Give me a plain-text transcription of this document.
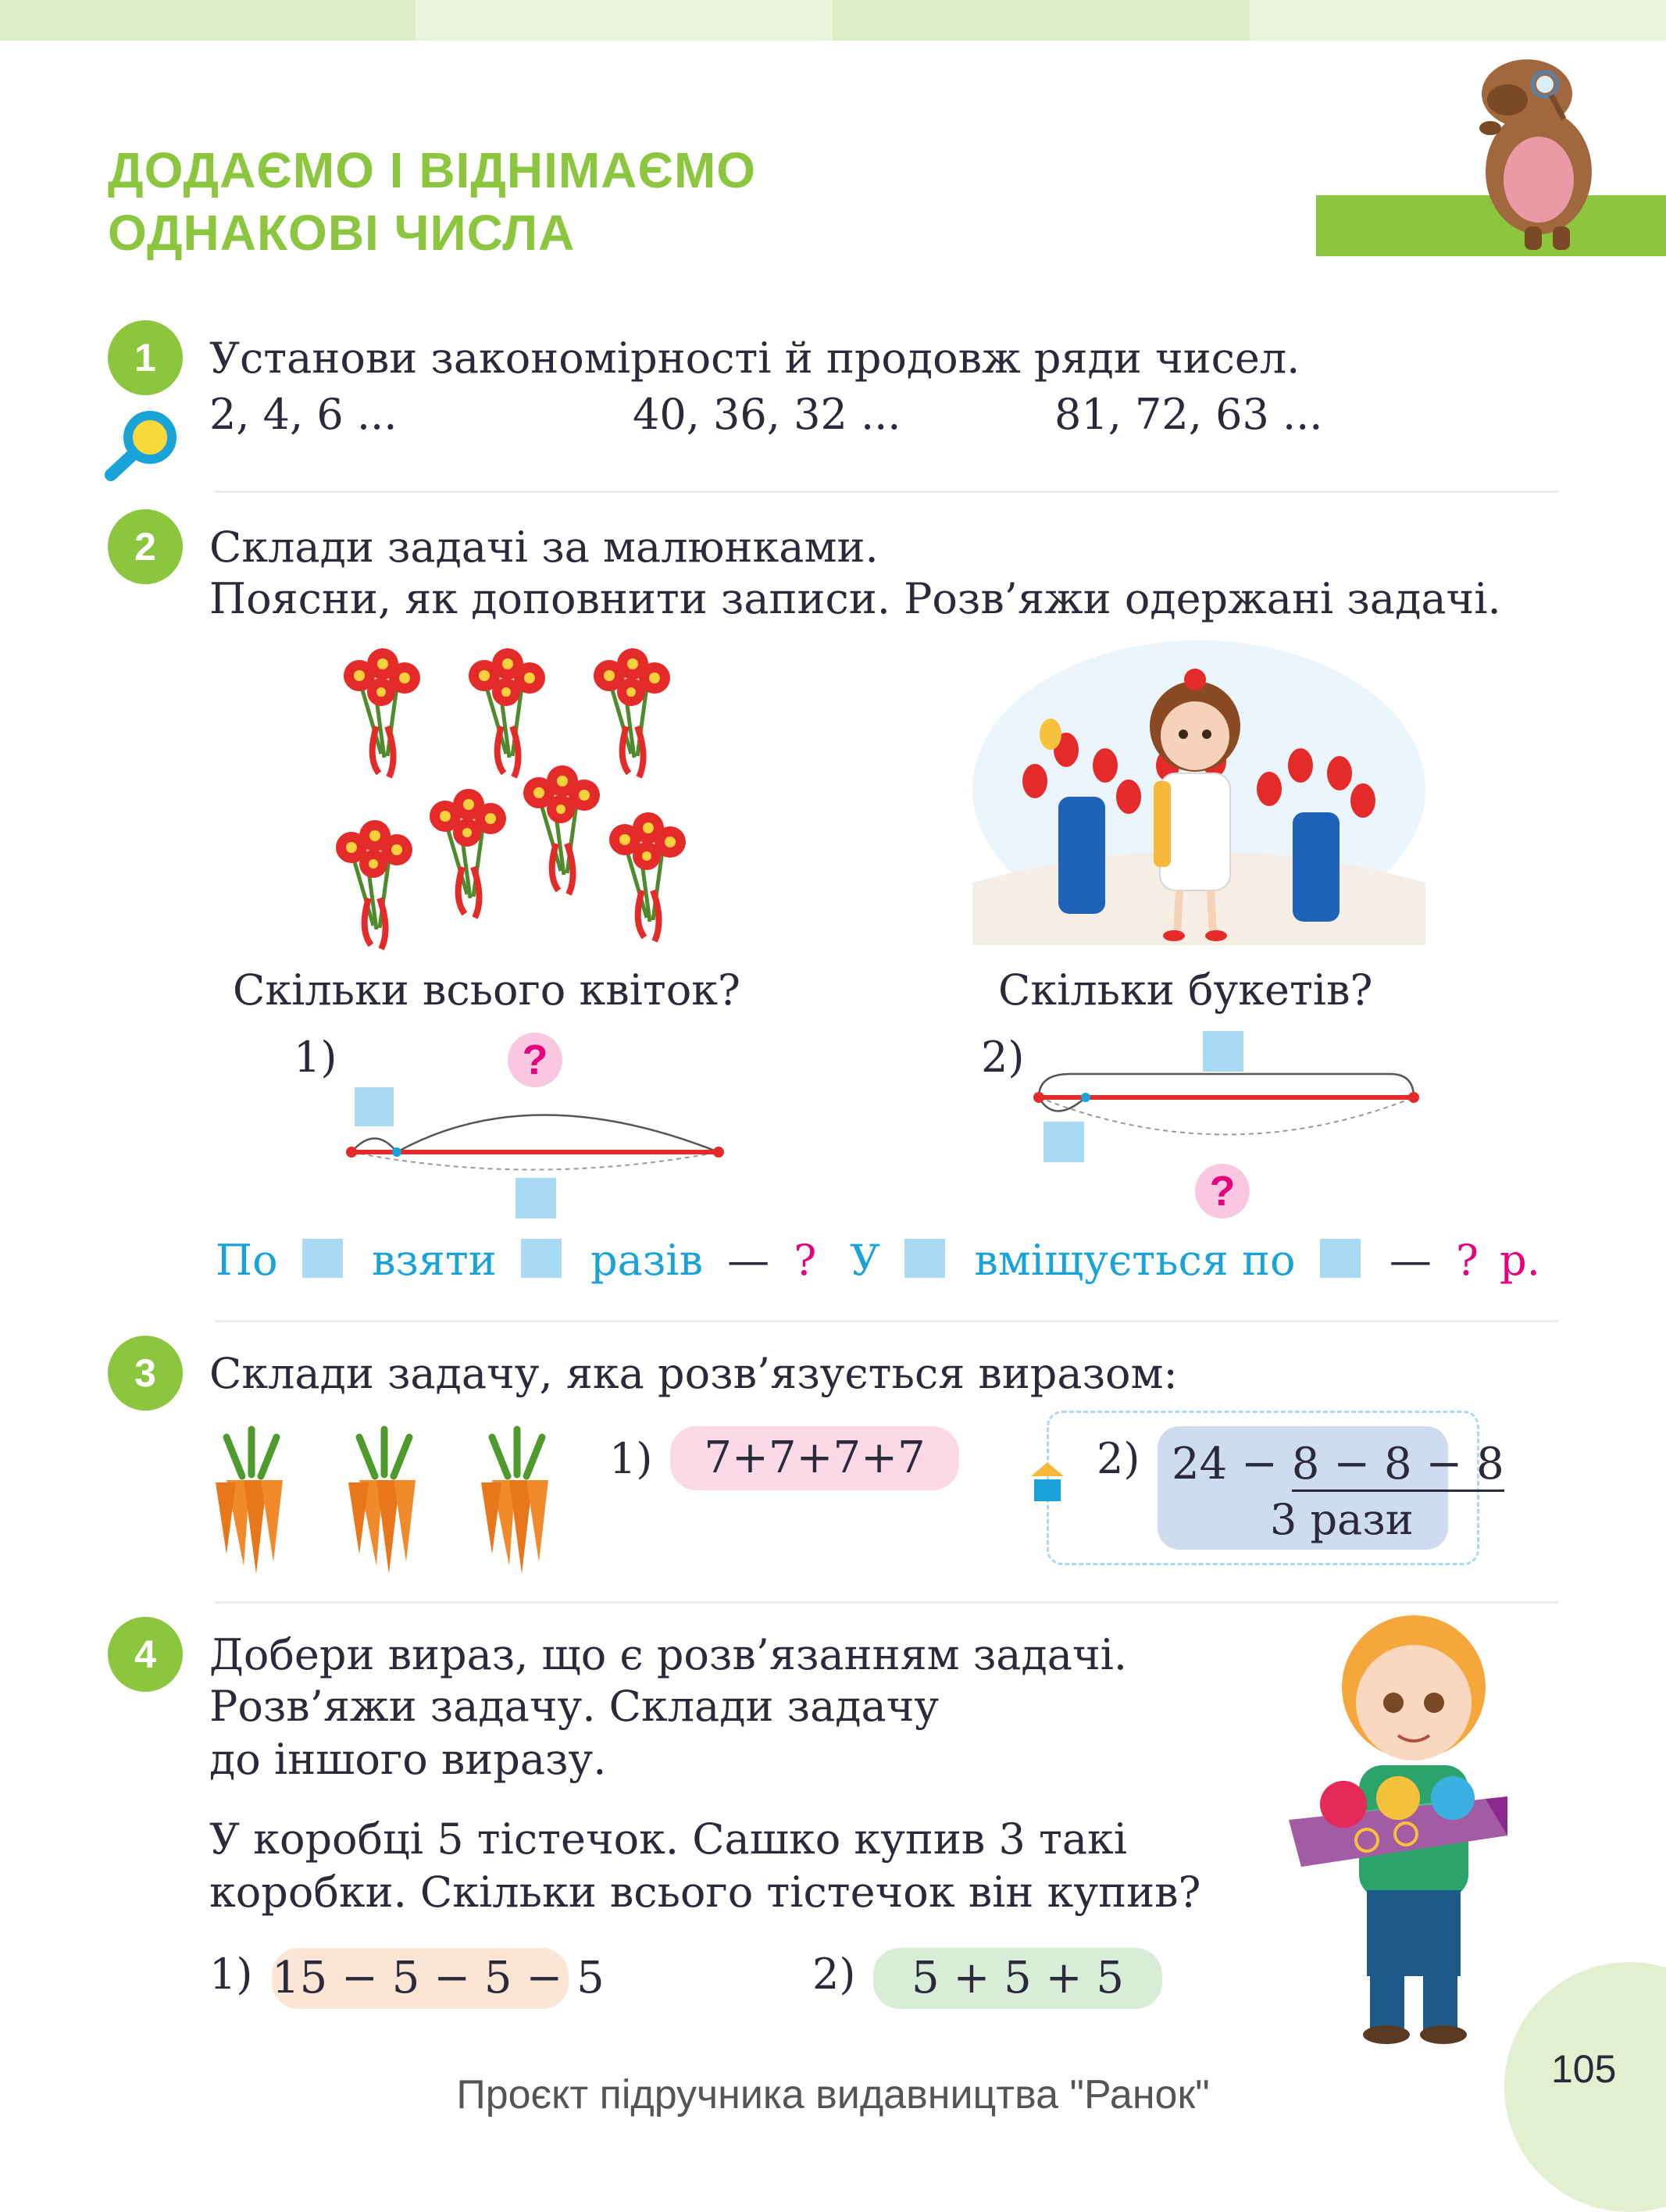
ДОДАЄМО І ВІДНІМАЄМО
ОДНАКОВІ ЧИСЛА
1	Установи закономірності й продовж ряди чисел.
2, 4, 6 ...	40, 36, 32 ...	81, 72, 63 ...
2	Склади задачі за малюнками.
Поясни, як доповнити записи. Розв’яжи одержані задачі.
Скільки всього квіток?	Скільки букетів?
1)	?	2)
?
По взяти разів — ? У вміщується по — ? р.
3	Склади задачу, яка розв’язується виразом:
1)	7+7+7+7	2) 24 − 8 − 8 − 8
3 рази
4	Добери вираз, що є розв’язанням задачі.
Розв’яжи задачу. Склади задачу
до іншого виразу.
У коробці 5 тістечок. Сашко купив 3 такі
коробки. Скільки всього тістечок він купив?
1) 15 − 5 − 5 − 5	2)	5 + 5 + 5
105
Проєкт підручника видавництва "Ранок"
